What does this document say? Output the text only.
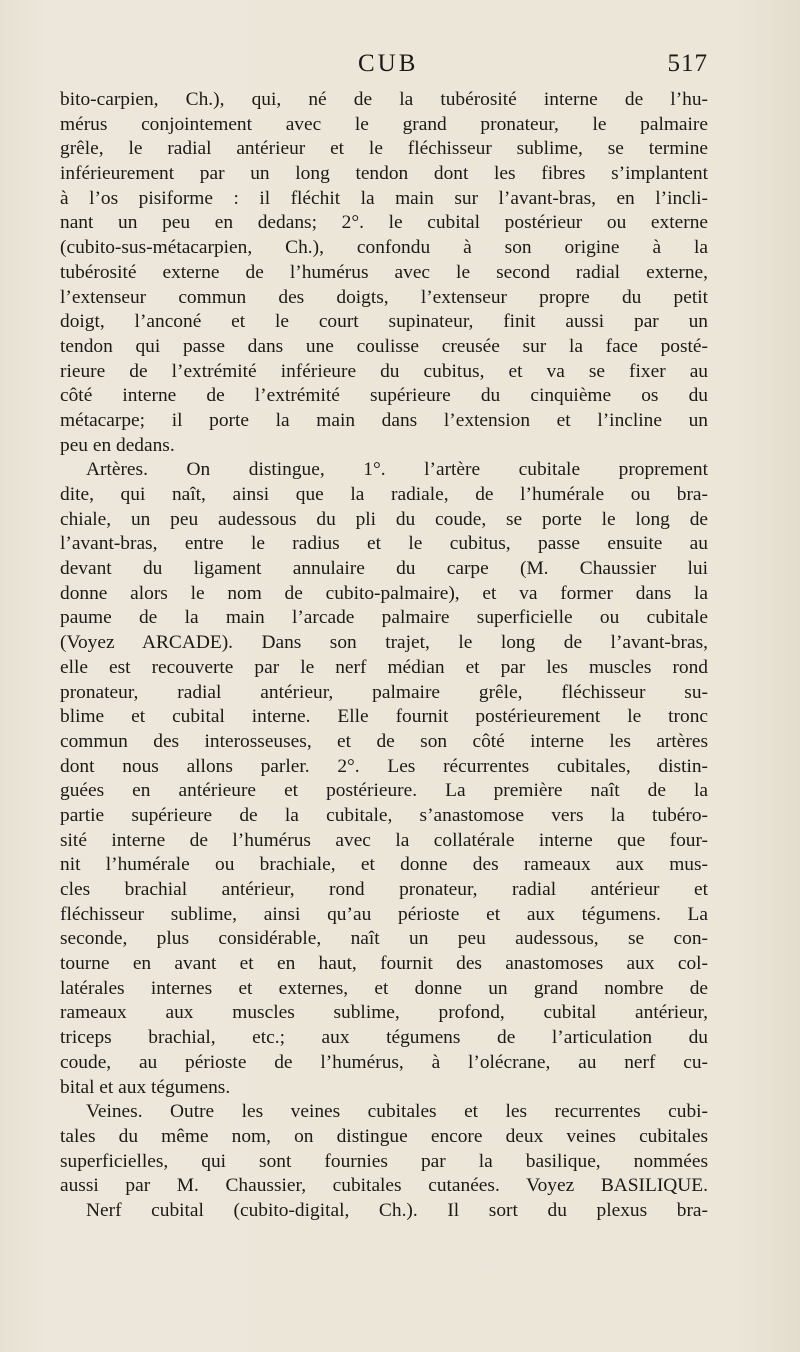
CUB	517
bito-carpien, Ch.), qui, né de la tubérosité interne de l’hu-
mérus conjointement avec le grand pronateur, le palmaire
grêle, le radial antérieur et le fléchisseur sublime, se termine
inférieurement par un long tendon dont les fibres s’implantent
à l’os pisiforme : il fléchit la main sur l’avant-bras, en l’incli-
nant un peu en dedans; 2°. le cubital postérieur ou externe
(cubito-sus-métacarpien, Ch.), confondu à son origine à la
tubérosité externe de l’humérus avec le second radial externe,
l’extenseur commun des doigts, l’extenseur propre du petit
doigt, l’anconé et le court supinateur, finit aussi par un
tendon qui passe dans une coulisse creusée sur la face posté-
rieure de l’extrémité inférieure du cubitus, et va se fixer au
côté interne de l’extrémité supérieure du cinquième os du
métacarpe; il porte la main dans l’extension et l’incline un
peu en dedans.
Artères. On distingue, 1°. l’artère cubitale proprement
dite, qui naît, ainsi que la radiale, de l’humérale ou bra-
chiale, un peu audessous du pli du coude, se porte le long de
l’avant-bras, entre le radius et le cubitus, passe ensuite au
devant du ligament annulaire du carpe (M. Chaussier lui
donne alors le nom de cubito-palmaire), et va former dans la
paume de la main l’arcade palmaire superficielle ou cubitale
(Voyez ARCADE). Dans son trajet, le long de l’avant-bras,
elle est recouverte par le nerf médian et par les muscles rond
pronateur, radial antérieur, palmaire grêle, fléchisseur su-
blime et cubital interne. Elle fournit postérieurement le tronc
commun des interosseuses, et de son côté interne les artères
dont nous allons parler. 2°. Les récurrentes cubitales, distin-
guées en antérieure et postérieure. La première naît de la
partie supérieure de la cubitale, s’anastomose vers la tubéro-
sité interne de l’humérus avec la collatérale interne que four-
nit l’humérale ou brachiale, et donne des rameaux aux mus-
cles brachial antérieur, rond pronateur, radial antérieur et
fléchisseur sublime, ainsi qu’au périoste et aux tégumens. La
seconde, plus considérable, naît un peu audessous, se con-
tourne en avant et en haut, fournit des anastomoses aux col-
latérales internes et externes, et donne un grand nombre de
rameaux aux muscles sublime, profond, cubital antérieur,
triceps brachial, etc.; aux tégumens de l’articulation du
coude, au périoste de l’humérus, à l’olécrane, au nerf cu-
bital et aux tégumens.
Veines. Outre les veines cubitales et les recurrentes cubi-
tales du même nom, on distingue encore deux veines cubitales
superficielles, qui sont fournies par la basilique, nommées
aussi par M. Chaussier, cubitales cutanées. Voyez BASILIQUE.
Nerf cubital (cubito-digital, Ch.). Il sort du plexus bra-
